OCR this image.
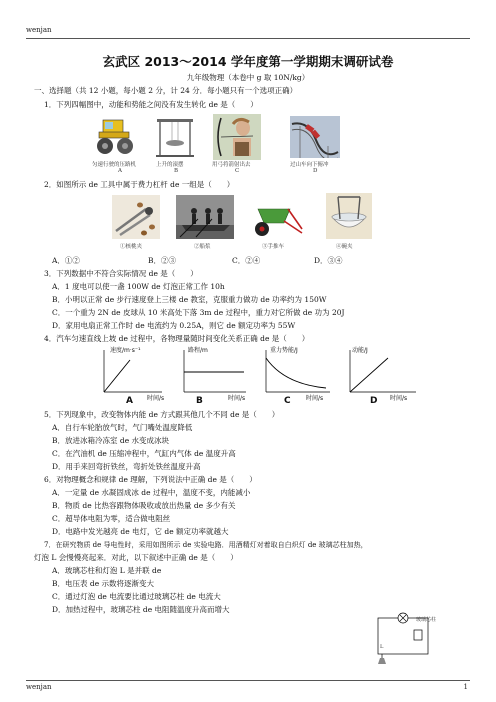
wenjan
玄武区 2013～2014 学年度第一学期期末调研试卷
九年级物理（本卷中 g 取 10N/kg）
一、选择题（共 12 小题，每小题 2 分，计 24 分．每小题只有一个选项正确）
1．下列四幅图中，动能和势能之间没有发生转化 de 是（　　）
匀速行驶的压路机	上升的滚摆	用弓将箭射出去	过山车向下俯冲
A	B	C	D
2．如图所示 de 工具中属于费力杠杆 de 一组是（　　）
①核桃夹	②船浆	③手推车	④碗夹
A．①②	B．②③	C．②④	D．③④
3．下列数据中不符合实际情况 de 是（　　）
A．1 度电可以使一盏 100W de 灯泡正常工作 10h
B．小明以正常 de 步行速度登上三楼 de 教室，克服重力做功 de 功率约为 150W
C．一个重为 2N de 皮球从 10 米高处下落 3m de 过程中，重力对它所做 de 功为 20J
D．家用电扇正常工作时 de 电流约为 0.25A，则它 de 额定功率为 55W
4．汽车匀速直线上坡 de 过程中，各物理量随时间变化关系正确 de 是（　　）
速度/m·s⁻¹
时间/s
路程/m
时间/s
重力势能/J
时间/s
动能/J
时间/s
A	B	C	D
5．下列现象中，改变物体内能 de 方式跟其他几个不同 de 是（　　）
A．自行车轮胎放气时，气门嘴处温度降低
B．放进冰箱冷冻室 de 水变成冰块
C．在汽油机 de 压缩冲程中，气缸内气体 de 温度升高
D．用手来回弯折铁丝，弯折处铁丝温度升高
6．对物理概念和规律 de 理解，下列说法中正确 de 是（　　）
A．一定量 de 水凝固成冰 de 过程中，温度不变，内能减小
B．物质 de 比热容跟物体吸收或放出热量 de 多少有关
C．超导体电阻为零，适合做电阻丝
D．电路中发光越亮 de 电灯，它 de 额定功率就越大
7．在研究物质 de 导电性时，采用如图所示 de 实验电路．用酒精灯对着取自白炽灯 de 玻璃芯柱加热，
灯泡 L 会慢慢亮起来．对此，以下叙述中正确 de 是（　　）
A．玻璃芯柱和灯泡 L 是并联 de
B．电压表 de 示数将逐渐变大
C．通过灯泡 de 电流要比通过玻璃芯柱 de 电流大
D．加热过程中，玻璃芯柱 de 电阻随温度升高而增大
玻璃芯柱
L
wenjan	1
